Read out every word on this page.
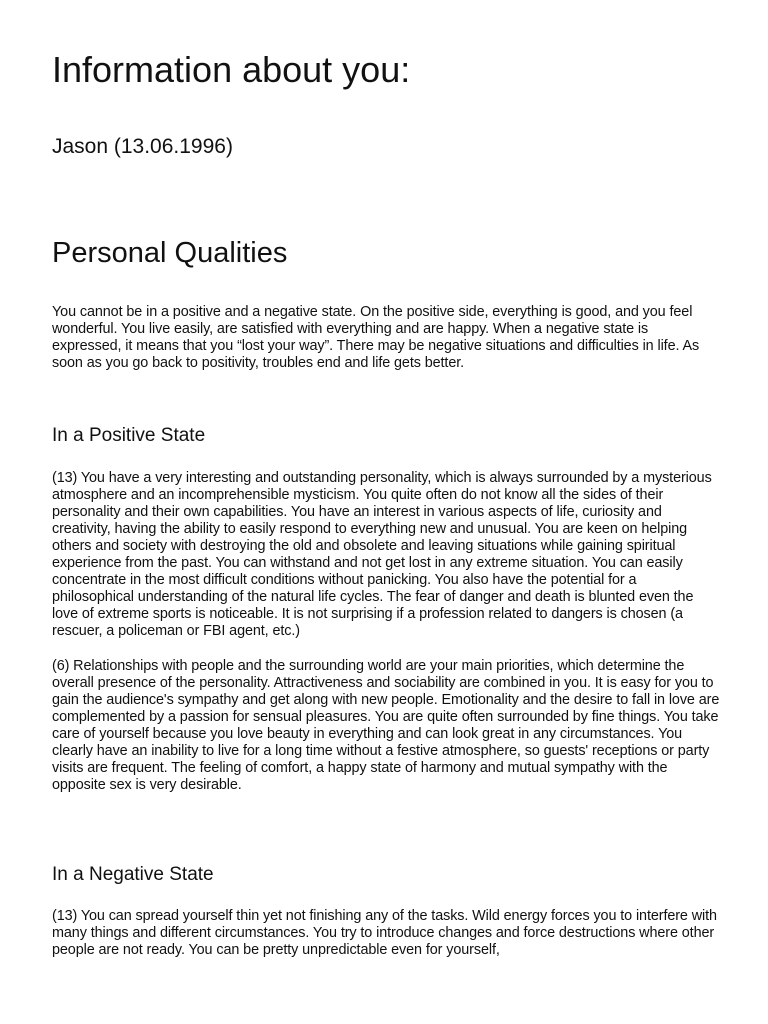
Information about you:
Jason (13.06.1996)
Personal Qualities

You cannot be in a positive and a negative state. On the positive side, everything is good, and you feel wonderful. You live easily, are satisfied with everything and are happy. When a negative state is expressed, it means that you “lost your way”. There may be negative situations and difficulties in life. As soon as you go back to positivity, troubles end and life gets better.

In a Positive State

(13) You have a very interesting and outstanding personality, which is always surrounded by a mysterious atmosphere and an incomprehensible mysticism. You quite often do not know all the sides of their personality and their own capabilities. You have an interest in various aspects of life, curiosity and creativity, having the ability to easily respond to everything new and unusual. You are keen on helping others and society with destroying the old and obsolete and leaving situations while gaining spiritual experience from the past. You can withstand and not get lost in any extreme situation. You can easily concentrate in the most difficult conditions without panicking. You also have the potential for a philosophical understanding of the natural life cycles. The fear of danger and death is blunted even the love of extreme sports is noticeable. It is not surprising if a profession related to dangers is chosen (a rescuer, a policeman or FBI agent, etc.)

(6) Relationships with people and the surrounding world are your main priorities, which determine the overall presence of the personality. Attractiveness and sociability are combined in you. It is easy for you to gain the audience's sympathy and get along with new people. Emotionality and the desire to fall in love are complemented by a passion for sensual pleasures. You are quite often surrounded by fine things. You take care of yourself because you love beauty in everything and can look great in any circumstances. You clearly have an inability to live for a long time without a festive atmosphere, so guests' receptions or party visits are frequent. The feeling of comfort, a happy state of harmony and mutual sympathy with the opposite sex is very desirable.

In a Negative State

(13) You can spread yourself thin yet not finishing any of the tasks. Wild energy forces you to interfere with many things and different circumstances. You try to introduce changes and force destructions where other people are not ready. You can be pretty unpredictable even for yourself,
